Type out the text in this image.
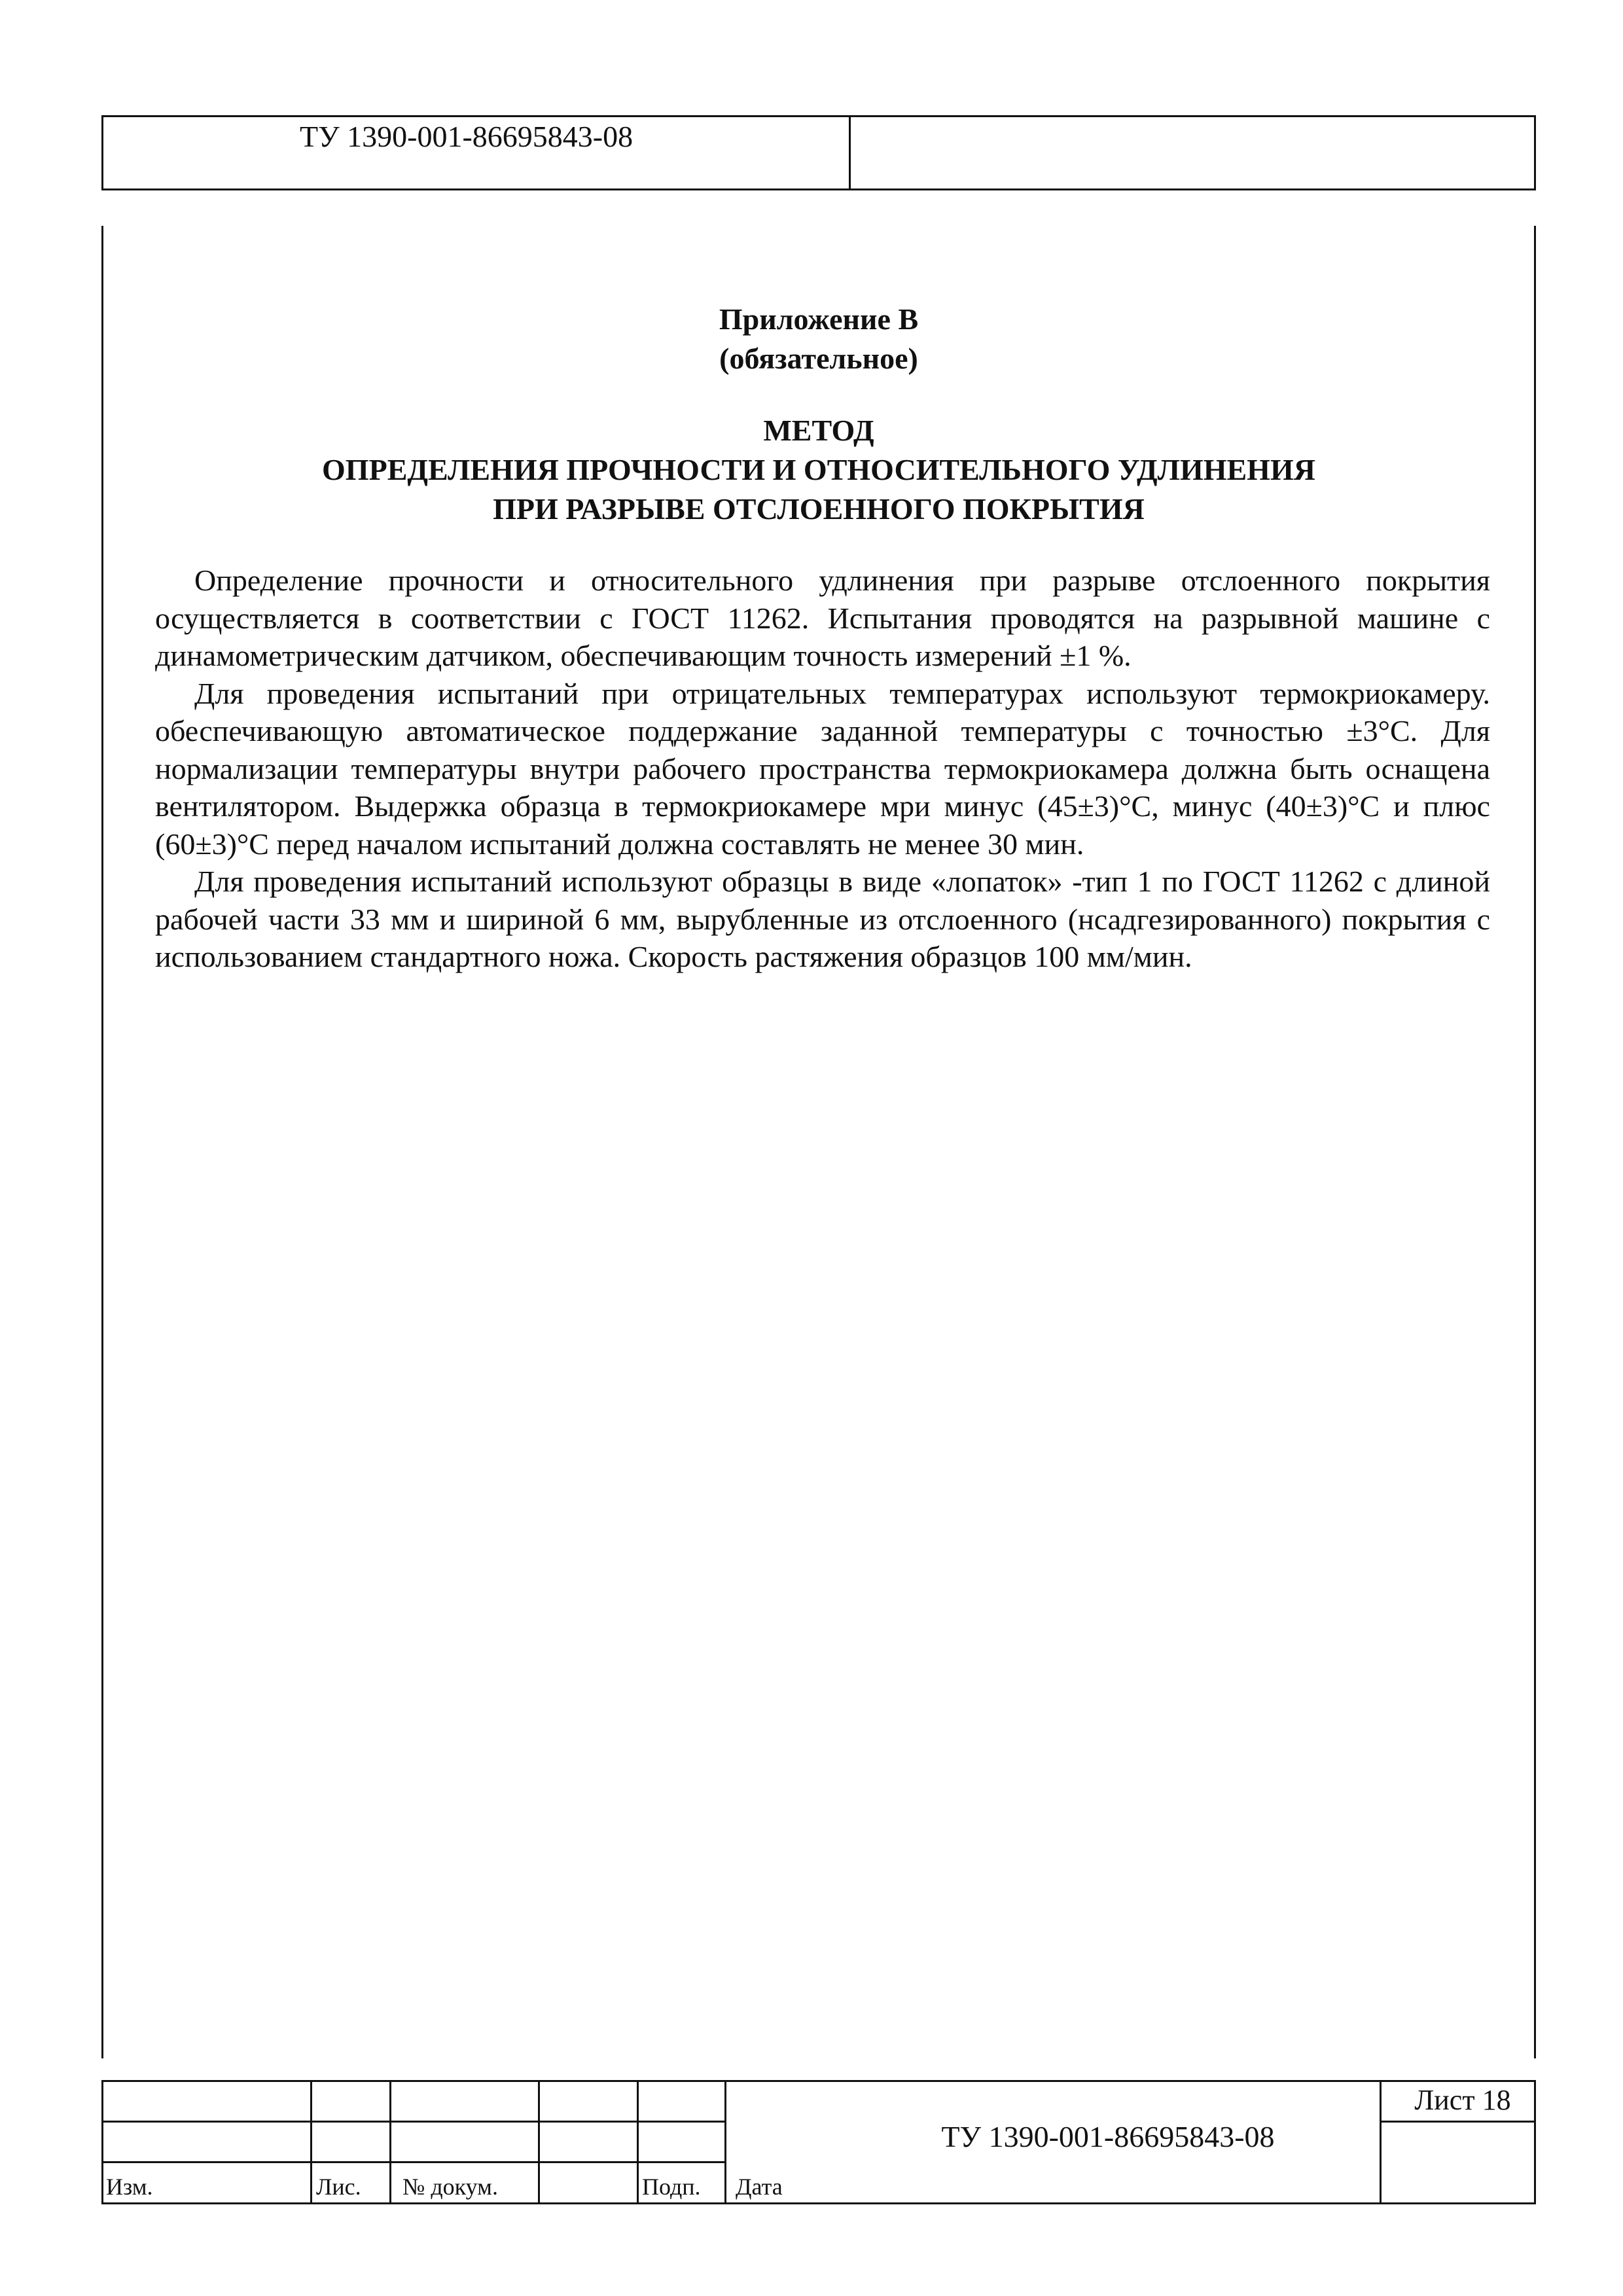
ТУ 1390-001-86695843-08
Приложение В
(обязательное)
МЕТОД
ОПРЕДЕЛЕНИЯ ПРОЧНОСТИ И ОТНОСИТЕЛЬНОГО УДЛИНЕНИЯ
ПРИ РАЗРЫВЕ ОТСЛОЕННОГО ПОКРЫТИЯ

Определение прочности и относительного удлинения при разрыве отслоенного покрытия осуществляется в соответствии с ГОСТ 11262. Испытания проводятся на разрывной машине с динамометрическим датчиком, обеспечивающим точность измерений ±1 %.

Для проведения испытаний при отрицательных температурах используют термокриокамеру. обеспечивающую автоматическое поддержание заданной температуры с точностью ±3°С. Для нормализации температуры внутри рабочего пространства термокриокамера должна быть оснащена вентилятором. Выдержка образца в термокриокамере мри минус (45±3)°С, минус (40±3)°С и плюс (60±3)°С перед началом испытаний должна составлять не менее 30 мин.

Для проведения испытаний используют образцы в виде «лопаток» -тип 1 по ГОСТ 11262 с длиной рабочей части 33 мм и шириной 6 мм, вырубленные из отслоенного (нсадгезированного) покрытия с использованием стандартного ножа. Скорость растяжения образцов 100 мм/мин.

Изм.	Лис. № докум.	Подп. Дата
ТУ 1390-001-86695843-08
Лист 18
